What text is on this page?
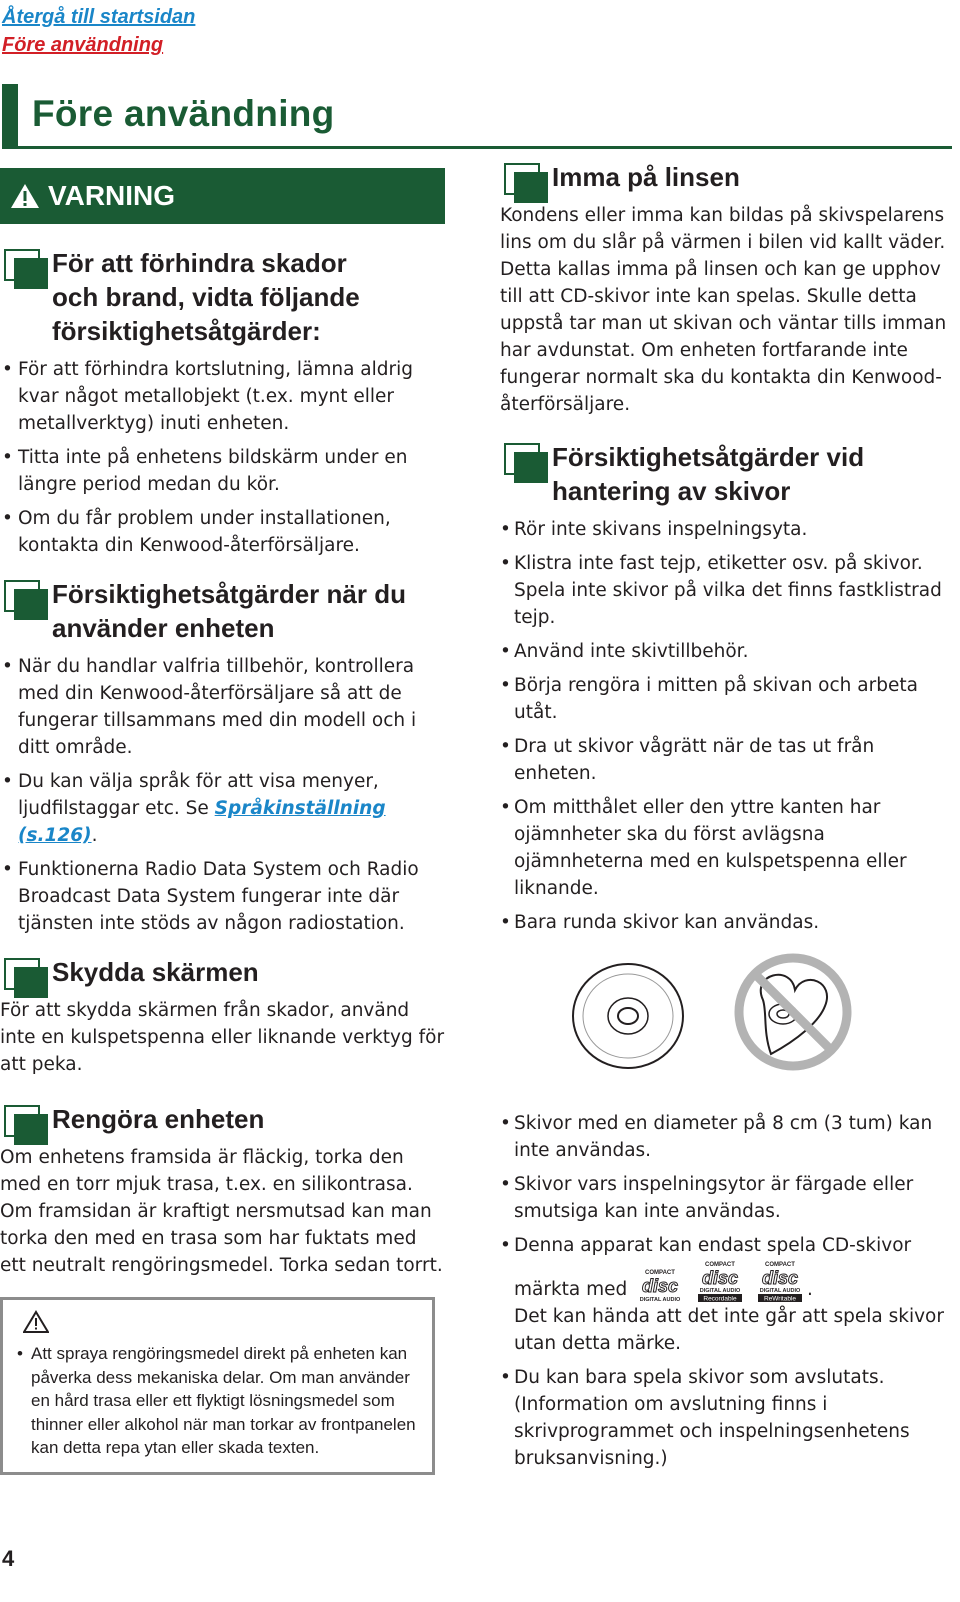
Återgå till startsidan
Före användning
Före användning
VARNING
För att förhindra skador
och brand, vidta följande
försiktighetsåtgärder:
• För att förhindra kortslutning, lämna aldrig kvar något metallobjekt (t.ex. mynt eller metallverktyg) inuti enheten.
• Titta inte på enhetens bildskärm under en längre period medan du kör.
• Om du får problem under installationen, kontakta din Kenwood-återförsäljare.
Försiktighetsåtgärder när du
använder enheten
• När du handlar valfria tillbehör, kontrollera med din Kenwood-återförsäljare så att de fungerar tillsammans med din modell och i ditt område.
• Du kan välja språk för att visa menyer, ljudfilstaggar etc. Se Språkinställning (s.126).
• Funktionerna Radio Data System och Radio Broadcast Data System fungerar inte där tjänsten inte stöds av någon radiostation.
Skydda skärmen

För att skydda skärmen från skador, använd inte en kulspetspenna eller liknande verktyg för att peka.

Rengöra enheten

Om enhetens framsida är fläckig, torka den med en torr mjuk trasa, t.ex. en silikontrasa. Om framsidan är kraftigt nersmutsad kan man torka den med en trasa som har fuktats med ett neutralt rengöringsmedel. Torka sedan torrt.

• Att spraya rengöringsmedel direkt på enheten kan påverka dess mekaniska delar. Om man använder en hård trasa eller ett flyktigt lösningsmedel som thinner eller alkohol när man torkar av frontpanelen kan detta repa ytan eller skada texten.
Imma på linsen

Kondens eller imma kan bildas på skivspelarens lins om du slår på värmen i bilen vid kallt väder. Detta kallas imma på linsen och kan ge upphov till att CD-skivor inte kan spelas. Skulle detta uppstå tar man ut skivan och väntar tills imman har avdunstat. Om enheten fortfarande inte fungerar normalt ska du kontakta din Kenwood-återförsäljare.

Försiktighetsåtgärder vid
hantering av skivor
• Rör inte skivans inspelningsyta.
• Klistra inte fast tejp, etiketter osv. på skivor. Spela inte skivor på vilka det finns fastklistrad tejp.
• Använd inte skivtillbehör.
• Börja rengöra i mitten på skivan och arbeta utåt.
• Dra ut skivor vågrätt när de tas ut från enheten.
• Om mitthålet eller den yttre kanten har ojämnheter ska du först avlägsna ojämnheterna med en kulspetspenna eller liknande.
• Bara runda skivor kan användas.
• Skivor med en diameter på 8 cm (3 tum) kan inte användas.
• Skivor vars inspelningsytor är färgade eller smutsiga kan inte användas.
• Denna apparat kan endast spela CD-skivor
märkta med
COMPACT
disc
DIGITAL AUDIO

COMPACT
disc
DIGITAL AUDIO
Recordable

COMPACT
disc
DIGITAL AUDIO
ReWritable .
Det kan hända att det inte går att spela skivor utan detta märke.
• Du kan bara spela skivor som avslutats. (Information om avslutning finns i skrivprogrammet och inspelningsenhetens bruksanvisning.)
4
